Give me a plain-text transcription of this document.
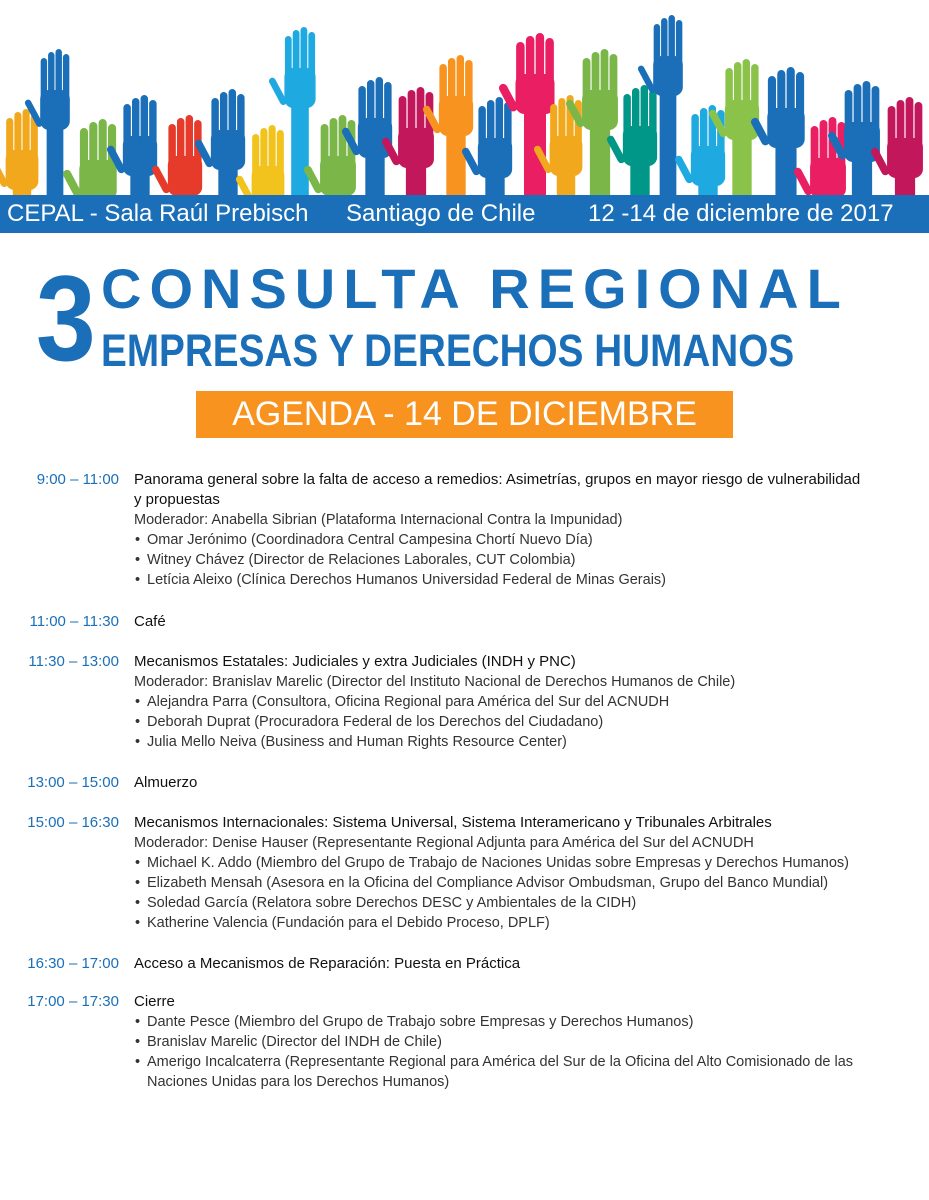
CEPAL - Sala Raúl Prebisch Santiago de Chile 12 -14 de diciembre de 2017
3 CONSULTA REGIONAL
EMPRESAS Y DERECHOS HUMANOS
AGENDA - 14 DE DICIEMBRE
9:00 – 11:00 Panorama general sobre la falta de acceso a remedios: Asimetrías, grupos en mayor riesgo de vulnerabilidad
y propuestas
Moderador: Anabella Sibrian (Plataforma Internacional Contra la Impunidad)
• Omar Jerónimo (Coordinadora Central Campesina Chortí Nuevo Día)
• Witney Chávez (Director de Relaciones Laborales, CUT Colombia)
• Letícia Aleixo (Clínica Derechos Humanos Universidad Federal de Minas Gerais)
11:00 – 11:30 Café
11:30 – 13:00 Mecanismos Estatales: Judiciales y extra Judiciales (INDH y PNC)
Moderador: Branislav Marelic (Director del Instituto Nacional de Derechos Humanos de Chile)
• Alejandra Parra (Consultora, Oficina Regional para América del Sur del ACNUDH
• Deborah Duprat (Procuradora Federal de los Derechos del Ciudadano)
• Julia Mello Neiva (Business and Human Rights Resource Center)
13:00 – 15:00 Almuerzo
15:00 – 16:30 Mecanismos Internacionales: Sistema Universal, Sistema Interamericano y Tribunales Arbitrales
Moderador: Denise Hauser (Representante Regional Adjunta para América del Sur del ACNUDH
• Michael K. Addo (Miembro del Grupo de Trabajo de Naciones Unidas sobre Empresas y Derechos Humanos)
• Elizabeth Mensah (Asesora en la Oficina del Compliance Advisor Ombudsman, Grupo del Banco Mundial)
• Soledad García (Relatora sobre Derechos DESC y Ambientales de la CIDH)
• Katherine Valencia (Fundación para el Debido Proceso, DPLF)
16:30 – 17:00 Acceso a Mecanismos de Reparación: Puesta en Práctica
17:00 – 17:30 Cierre
• Dante Pesce (Miembro del Grupo de Trabajo sobre Empresas y Derechos Humanos)
• Branislav Marelic (Director del INDH de Chile)
• Amerigo Incalcaterra (Representante Regional para América del Sur de la Oficina del Alto Comisionado de las Naciones Unidas para los Derechos Humanos)
